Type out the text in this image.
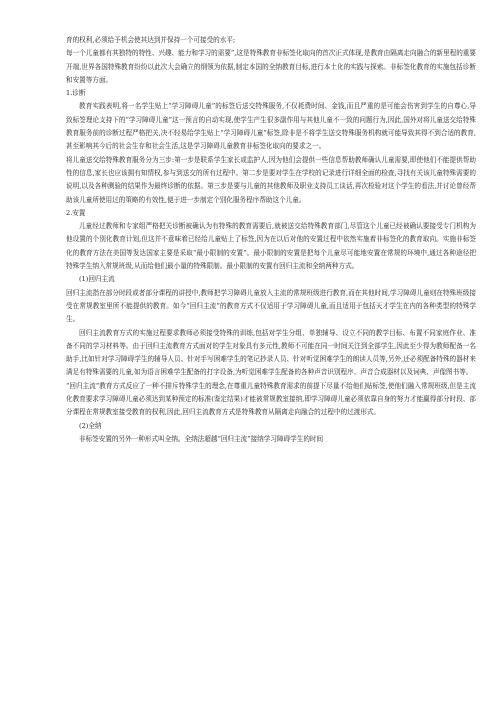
育的权利,必须给予机会使其达到并保持一个可接受的水平;

每一个儿童都有其独特的特性、兴趣、能力和学习的需要”,这是特殊教育非标签化取向的首次正式体现,是教育由隔离走向融合的新里程的重要开端,世界各国特殊教育纷纷以此次大会确立的纲领为依据,制定本国的全纳教育目标,进行本土化的实践与探索。非标签化教育的实施包括诊断和安置等方面。

1.诊断

教育实践表明,将一名学生贴上“学习障碍儿童”的标签后送交特殊服务,不仅耗费时间、金钱,而且严重的是可能会伤害到学生的自尊心,导致标签理论支持下的“学习障碍儿童”这一预言的自动实现,使学生产生很多副作用与其他儿童不一致的问题行为,因此,国外对将儿童送交给特殊教育服务前的诊断过程严格把关,决不轻易给学生贴上“学习障碍儿童”标签,除非是不将学生送交特殊服务机构就可能导致其得不到合适的教育,甚至影响其今后的社会生存和社会生活,这是学习障碍儿童教育非标签化取向的要求之一。

将儿童送交给特殊教育服务分为三步:第一步是联系学生家长或监护人,因为他们会提供一些信息帮助教师确认儿童需要,即使他们不能提供帮助性的信息,家长也应该拥有知情权,参与到送交的所有过程中。第二步是要对学生在学校的记录进行详细全面的检查,寻找有关该儿童特殊需要的说明,以及各种测验的结果作为最终诊断的依据。第三步是要与儿童的其他教师及职业支持员工谈话,再次检验对这个学生的看法,并讨论曾经帮助该儿童所使用过的策略的有效性,便于进一步制定个别化服务程序帮助这个儿童。

2.安置

儿童经过教师和专家组严格把关诊断被确认为有特殊的教育需要后,就被送交给特殊教育部门,尽管这个儿童已经被确认要接受专门机构为他设置的个别化教育计划,但这并不意味着已经给儿童贴上了标签,因为在以后对他的安置过程中依然实施着非标签化的教育取向。实施非标签化的教育方法在美国等发达国家主要是采取“最小限制的安置”。最小限制的安置是把每个儿童尽可能地安置在常规的环境中,通过各种途径把特殊学生纳入常规班级,从而给他们最小量的特殊限制。最小限制的安置有回归主流和全纳两种方式。

(1)回归主流

回归主流指在部分时段或者部分课程的讲授中,教师把学习障碍儿童放入主流的常规班级进行教育,而在其他时间,学习障碍儿童则在特殊班级接受在常规教室里所不能提供的教育。如今“回归主流”的教育方式不仅适用于学习障碍儿童,而且适用于包括天才学生在内的各种类型的特殊学生。

回归主流教育方式的实施过程要求教师必须接受特殊的训练,包括对学生分组、单独辅导、设立不同的教学目标、布置不同家庭作业、准备不同的学习材料等。由于回归主流教育方式面对的学生对象具有多元性,教师不可能在同一时间关注到全部学生,因此至少得为教师配备一名助手,比如针对学习障碍学生的辅导人员、针对手写困难学生的笔记抄录人员、针对听觉困难学生的朗读人员等,另外,还必须配备特殊的器材来满足有特殊需要的儿童,如为语言困难学生配备的打字设备,为听觉困难学生配备的各种声音识别程序、声音合成器材以及词典、声像图书等。

“回归主流”教育方式反应了一种不排斥特殊学生的理念,在尊重儿童特殊教育需求的前提下尽量不给他们贴标签,使他们融入常规班级,但是主流化教育要求学习障碍儿童必须达到某种预定的标准(鉴定结果)才能被常规教室接纳,即学习障碍儿童必须依靠自身的努力才能赢得部分时段、部分课程在常规教室接受教育的权利,因此,回归主流教育方式是特殊教育从隔离走向融合的过程中的过渡形式。

(2)全纳

非标签安置的另外一种形式叫全纳。全纳法超越“回归主流”接纳学习障碍学生的时间
